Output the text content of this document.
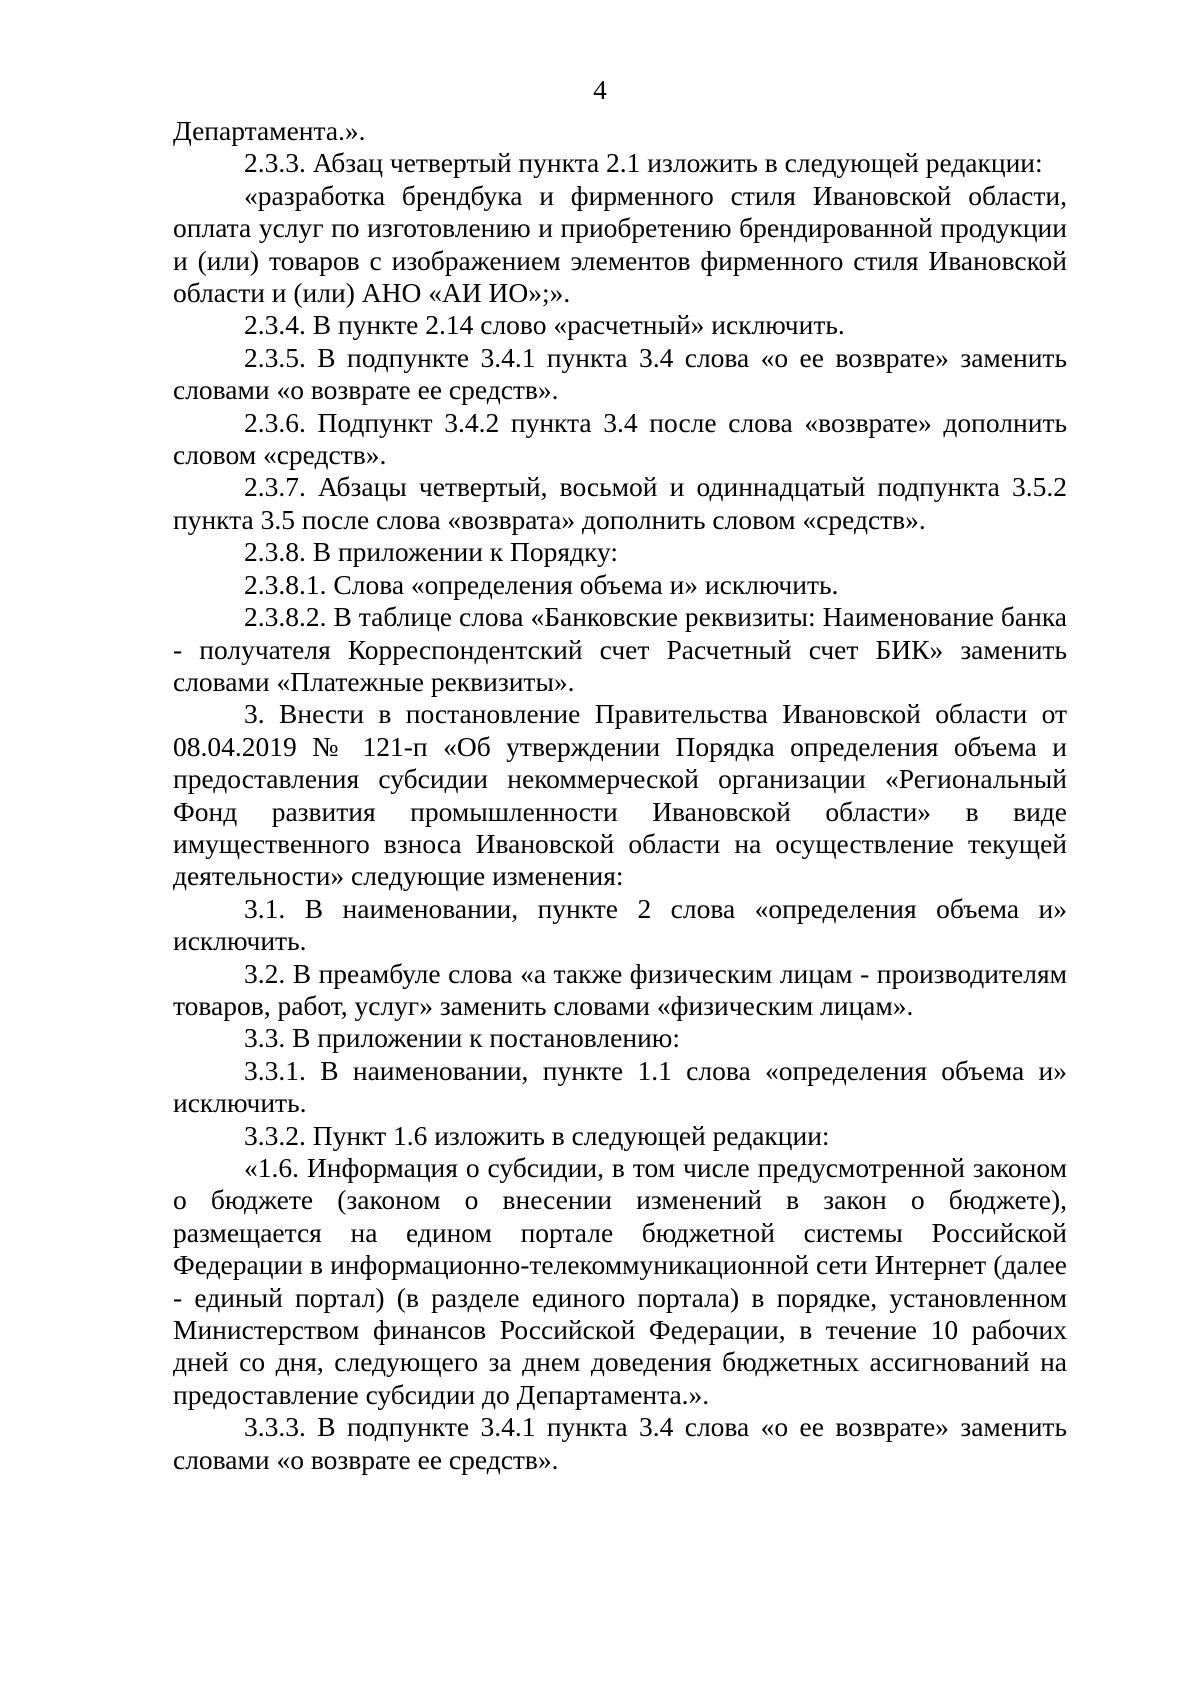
4

Департамента.».

2.3.3. Абзац четвертый пункта 2.1 изложить в следующей редакции:

«разработка брендбука и фирменного стиля Ивановской области, оплата услуг по изготовлению и приобретению брендированной продукции и (или) товаров с изображением элементов фирменного стиля Ивановской области и (или) АНО «АИ ИО»;».

2.3.4. В пункте 2.14 слово «расчетный» исключить.

2.3.5. В подпункте 3.4.1 пункта 3.4 слова «о ее возврате» заменить словами «о возврате ее средств».

2.3.6. Подпункт 3.4.2 пункта 3.4 после слова «возврате» дополнить словом «средств».

2.3.7. Абзацы четвертый, восьмой и одиннадцатый подпункта 3.5.2 пункта 3.5 после слова «возврата» дополнить словом «средств».

2.3.8. В приложении к Порядку:

2.3.8.1. Слова «определения объема и» исключить.

2.3.8.2. В таблице слова «Банковские реквизиты: Наименование банка - получателя Корреспондентский счет Расчетный счет БИК» заменить словами «Платежные реквизиты».

3. Внести в постановление Правительства Ивановской области от 08.04.2019 № 121-п «Об утверждении Порядка определения объема и предоставления субсидии некоммерческой организации «Региональный Фонд развития промышленности Ивановской области» в виде имущественного взноса Ивановской области на осуществление текущей деятельности» следующие изменения:

3.1. В наименовании, пункте 2 слова «определения объема и» исключить.

3.2. В преамбуле слова «а также физическим лицам - производителям товаров, работ, услуг» заменить словами «физическим лицам».

3.3. В приложении к постановлению:

3.3.1. В наименовании, пункте 1.1 слова «определения объема и» исключить.

3.3.2. Пункт 1.6 изложить в следующей редакции:

«1.6. Информация о субсидии, в том числе предусмотренной законом о бюджете (законом о внесении изменений в закон о бюджете), размещается на едином портале бюджетной системы Российской Федерации в информационно-телекоммуникационной сети Интернет (далее - единый портал) (в разделе единого портала) в порядке, установленном Министерством финансов Российской Федерации, в течение 10 рабочих дней со дня, следующего за днем доведения бюджетных ассигнований на предоставление субсидии до Департамента.».

3.3.3. В подпункте 3.4.1 пункта 3.4 слова «о ее возврате» заменить словами «о возврате ее средств».
